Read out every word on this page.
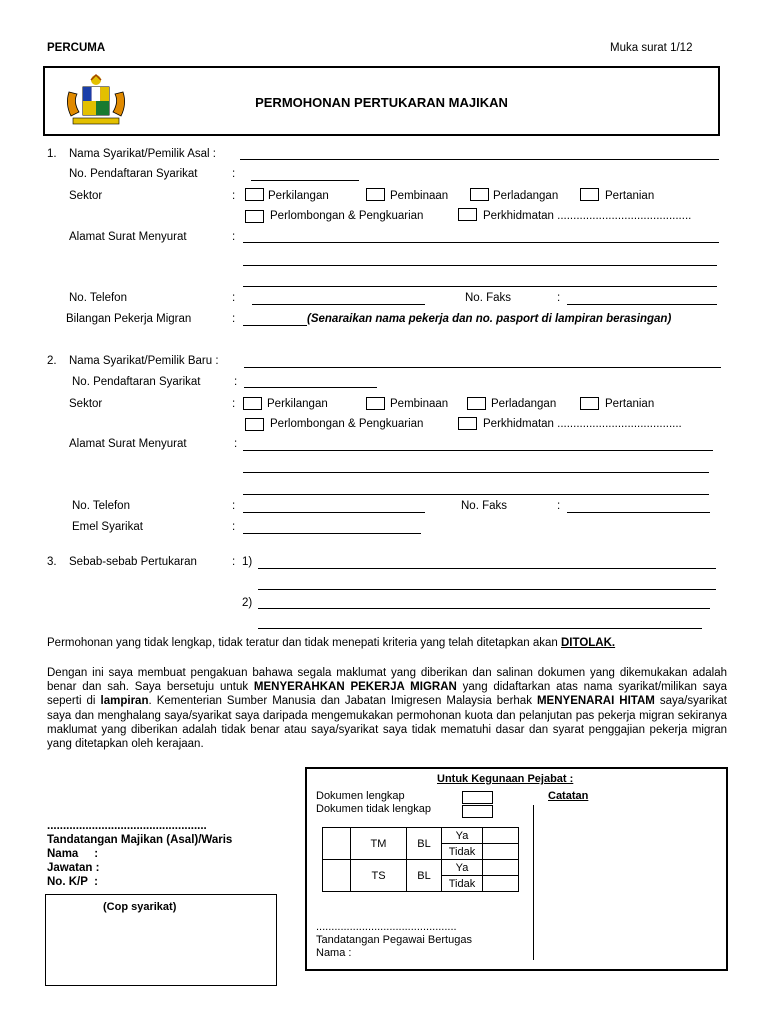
PERCUMA	Muka surat 1/12
PERMOHONAN PERTUKARAN MAJIKAN
1. Nama Syarikat/Pemilik Asal :
No. Pendaftaran Syarikat	:
Sektor	:	Perkilangan	Pembinaan	Perladangan	Pertanian
Perlombongan & Pengkuarian	Perkhidmatan ..........................................
Alamat Surat Menyurat	:
No. Telefon	:	No. Faks	:
Bilangan Pekerja Migran	:	(Senaraikan nama pekerja dan no. pasport di lampiran berasingan)
2. Nama Syarikat/Pemilik Baru :
No. Pendaftaran Syarikat	:
Sektor	:	Perkilangan	Pembinaan	Perladangan	Pertanian
Perlombongan & Pengkuarian	Perkhidmatan .......................................
Alamat Surat Menyurat	:
No. Telefon	:	No. Faks	:
Emel Syarikat	:
3. Sebab-sebab Pertukaran	: 1)
2)
Permohonan yang tidak lengkap, tidak teratur dan tidak menepati kriteria yang telah ditetapkan akan DITOLAK.
Dengan ini saya membuat pengakuan bahawa segala maklumat yang diberikan dan salinan dokumen yang dikemukakan adalah benar dan sah. Saya bersetuju untuk MENYERAHKAN PEKERJA MIGRAN yang didaftarkan atas nama syarikat/milikan saya seperti di lampiran. Kementerian Sumber Manusia dan Jabatan Imigresen Malaysia berhak MENYENARAI HITAM saya/syarikat saya dan menghalang saya/syarikat saya daripada mengemukakan permohonan kuota dan pelanjutan pas pekerja migran sekiranya maklumat yang diberikan adalah tidak benar atau saya/syarikat saya tidak mematuhi dasar dan syarat penggajian pekerja migran yang ditetapkan oleh kerajaan.
..................................................
Tandatangan Majikan (Asal)/Waris
Nama     :
Jawatan :
No. K/P  :
(Cop syarikat)
Untuk Kegunaan Pejabat :
Dokumen lengkap
Dokumen tidak lengkap
Catatan
	TM	BL	Ya	
			Tidak	
	TS	BL	Ya	
			Tidak	
..............................................
Tandatangan Pegawai Bertugas
Nama :
